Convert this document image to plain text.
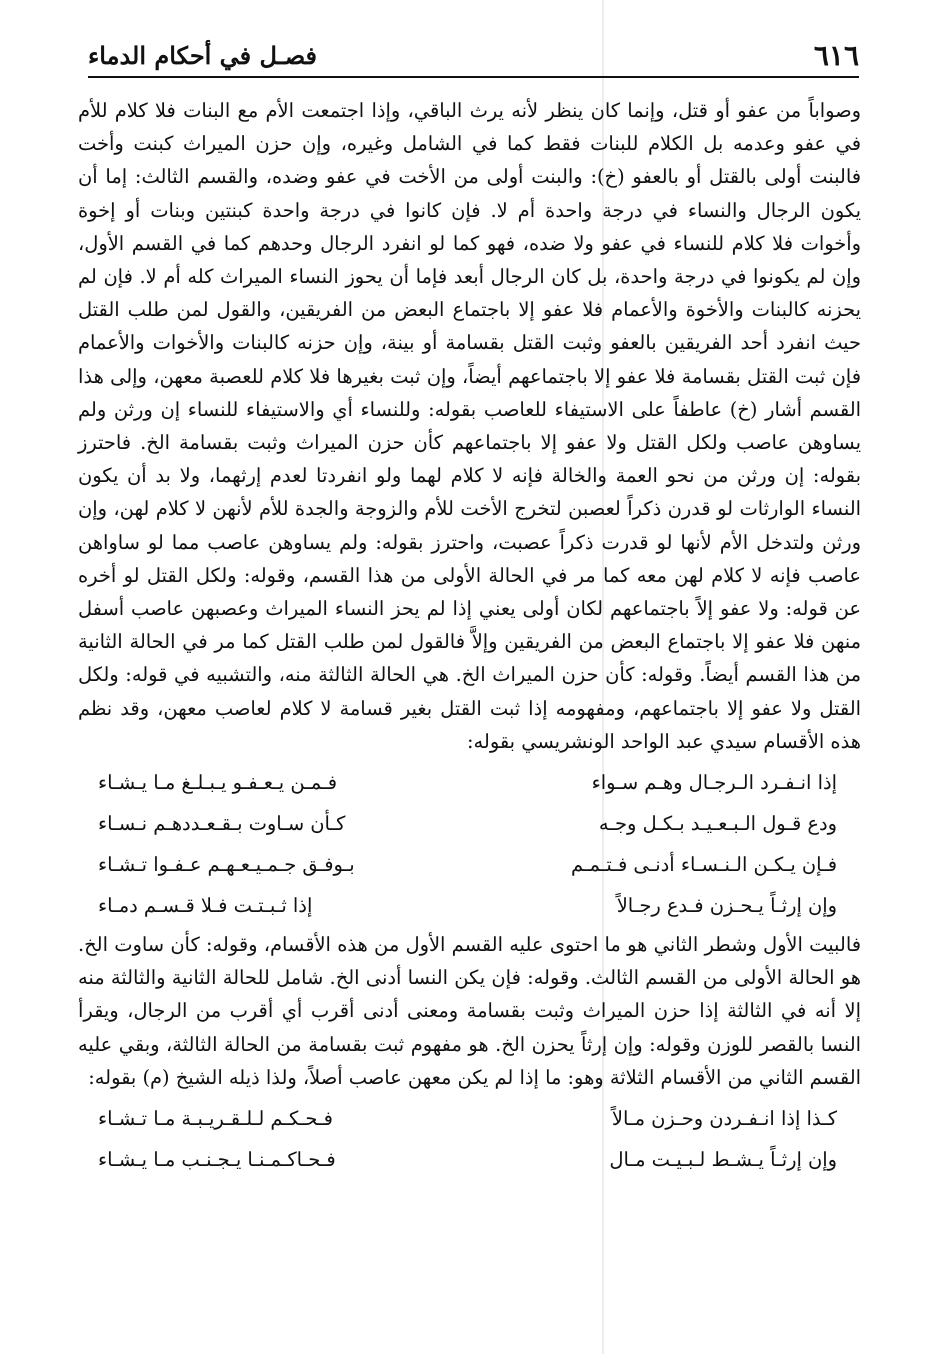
٦١٦
فصـل في أحكام الدماء

وصواباً من عفو أو قتل، وإنما كان ينظر لأنه يرث الباقي، وإذا اجتمعت الأم مع البنات فلا كلام للأم في عفو وعدمه بل الكلام للبنات فقط كما في الشامل وغيره، وإن حزن الميراث كبنت وأخت فالبنت أولى بالقتل أو بالعفو (خ): والبنت أولى من الأخت في عفو وضده، والقسم الثالث: إما أن يكون الرجال والنساء في درجة واحدة أم لا. فإن كانوا في درجة واحدة كبنتين وبنات أو إخوة وأخوات فلا كلام للنساء في عفو ولا ضده، فهو كما لو انفرد الرجال وحدهم كما في القسم الأول، وإن لم يكونوا في درجة واحدة، بل كان الرجال أبعد فإما أن يحوز النساء الميراث كله أم لا. فإن لم يحزنه كالبنات والأخوة والأعمام فلا عفو إلا باجتماع البعض من الفريقين، والقول لمن طلب القتل حيث انفرد أحد الفريقين بالعفو وثبت القتل بقسامة أو بينة، وإن حزنه كالبنات والأخوات والأعمام فإن ثبت القتل بقسامة فلا عفو إلا باجتماعهم أيضاً، وإن ثبت بغيرها فلا كلام للعصبة معهن، وإلى هذا القسم أشار (خ) عاطفاً على الاستيفاء للعاصب بقوله: وللنساء أي والاستيفاء للنساء إن ورثن ولم يساوهن عاصب ولكل القتل ولا عفو إلا باجتماعهم كأن حزن الميراث وثبت بقسامة الخ. فاحترز بقوله: إن ورثن من نحو العمة والخالة فإنه لا كلام لهما ولو انفردتا لعدم إرثهما، ولا بد أن يكون النساء الوارثات لو قدرن ذكراً لعصبن لتخرج الأخت للأم والزوجة والجدة للأم لأنهن لا كلام لهن، وإن ورثن ولتدخل الأم لأنها لو قدرت ذكراً عصبت، واحترز بقوله: ولم يساوهن عاصب مما لو ساواهن عاصب فإنه لا كلام لهن معه كما مر في الحالة الأولى من هذا القسم، وقوله: ولكل القتل لو أخره عن قوله: ولا عفو إلاً باجتماعهم لكان أولى يعني إذا لم يحز النساء الميراث وعصبهن عاصب أسفل منهن فلا عفو إلا باجتماع البعض من الفريقين وإلاَّ فالقول لمن طلب القتل كما مر في الحالة الثانية من هذا القسم أيضاً. وقوله: كأن حزن الميراث الخ. هي الحالة الثالثة منه، والتشبيه في قوله: ولكل القتل ولا عفو إلا باجتماعهم، ومفهومه إذا ثبت القتل بغير قسامة لا كلام لعاصب معهن، وقد نظم هذه الأقسام سيدي عبد الواحد الونشريسي بقوله:

إذا انـفـرد الـرجـال وهـم سـواء
فـمـن يـعـفـو يـبـلـغ مـا يـشـاء
ودع قـول الـبـعـيـد بـكـل وجـه
كـأن سـاوت بـقـعـددهـم نـسـاء
فـإن يـكـن الـنـسـاء أدنـى فـتـمـم
بـوفـق جـمـيـعـهـم عـفـوا تـشـاء
وإن إرثـاً يـحـزن فـدع رجـالاً
إذا ثـبـتـت فـلا قـسـم دمـاء

فالبيت الأول وشطر الثاني هو ما احتوى عليه القسم الأول من هذه الأقسام، وقوله: كأن ساوت الخ. هو الحالة الأولى من القسم الثالث. وقوله: فإن يكن النسا أدنى الخ. شامل للحالة الثانية والثالثة منه إلا أنه في الثالثة إذا حزن الميراث وثبت بقسامة ومعنى أدنى أقرب أي أقرب من الرجال، ويقرأ النسا بالقصر للوزن وقوله: وإن إرثاً يحزن الخ. هو مفهوم ثبت بقسامة من الحالة الثالثة، وبقي عليه القسم الثاني من الأقسام الثلاثة وهو: ما إذا لم يكن معهن عاصب أصلاً، ولذا ذيله الشيخ (م) بقوله:

كـذا إذا انـفـردن وحـزن مـالاً
فـحـكـم لـلـقـريـبـة مـا تـشـاء
وإن إرثـاً يـشـط لـبـيـت مـال
فـحـاكـمـنـا يـجـنـب مـا يـشـاء
